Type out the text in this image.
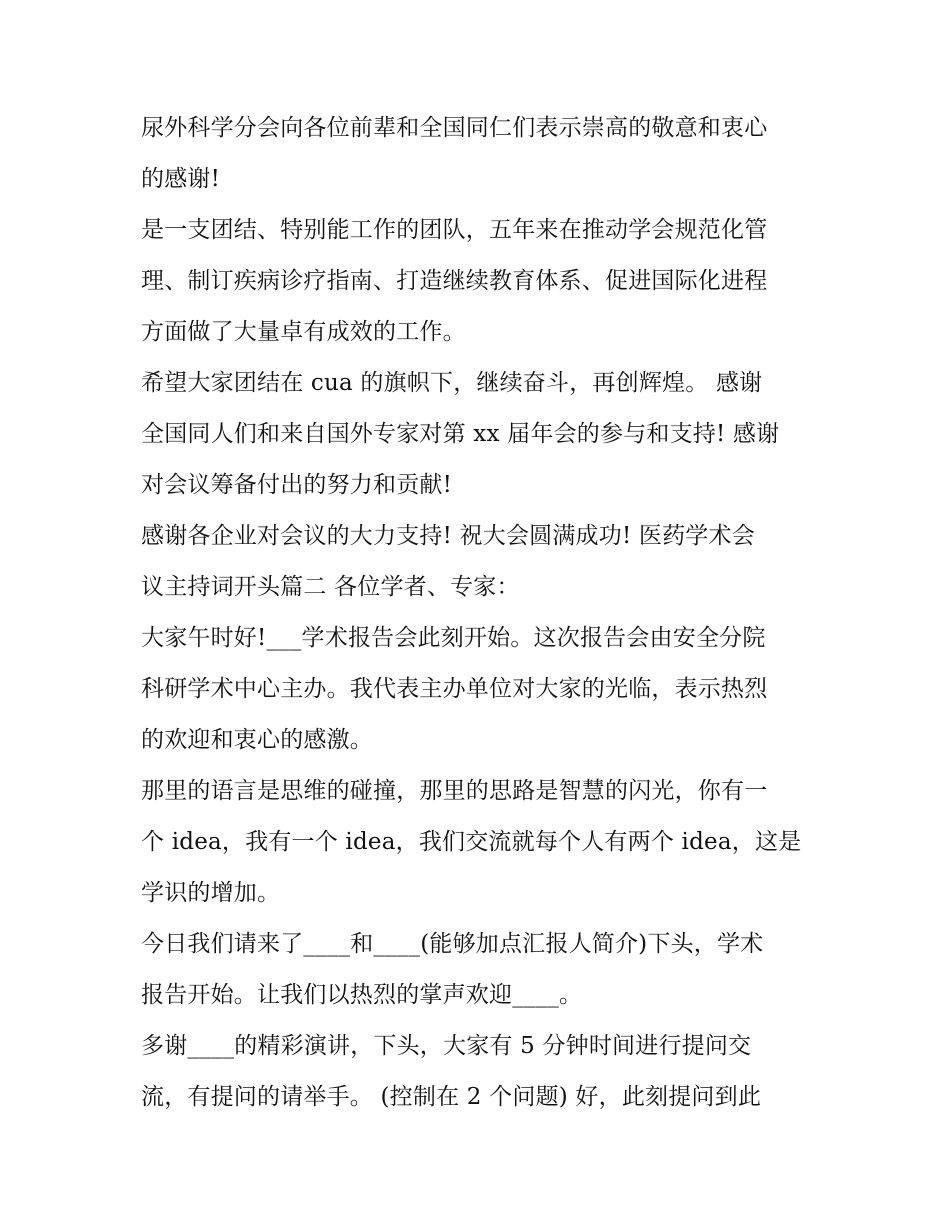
尿外科学分会向各位前辈和全国同仁们表示崇高的敬意和衷心
的感谢!
是一支团结、特别能工作的团队，五年来在推动学会规范化管
理、制订疾病诊疗指南、打造继续教育体系、促进国际化进程
方面做了大量卓有成效的工作。
希望大家团结在 cua 的旗帜下，继续奋斗，再创辉煌。 感谢
全国同人们和来自国外专家对第 xx 届年会的参与和支持! 感谢
对会议筹备付出的努力和贡献!
感谢各企业对会议的大力支持! 祝大会圆满成功! 医药学术会
议主持词开头篇二 各位学者、专家：
大家午时好!___学术报告会此刻开始。这次报告会由安全分院
科研学术中心主办。我代表主办单位对大家的光临，表示热烈
的欢迎和衷心的感激。
那里的语言是思维的碰撞，那里的思路是智慧的闪光，你有一
个 idea，我有一个 idea，我们交流就每个人有两个 idea，这是
学识的增加。
今日我们请来了____和____(能够加点汇报人简介)下头，学术
报告开始。让我们以热烈的掌声欢迎____。
多谢____的精彩演讲，下头，大家有 5 分钟时间进行提问交
流，有提问的请举手。 (控制在 2 个问题) 好，此刻提问到此
